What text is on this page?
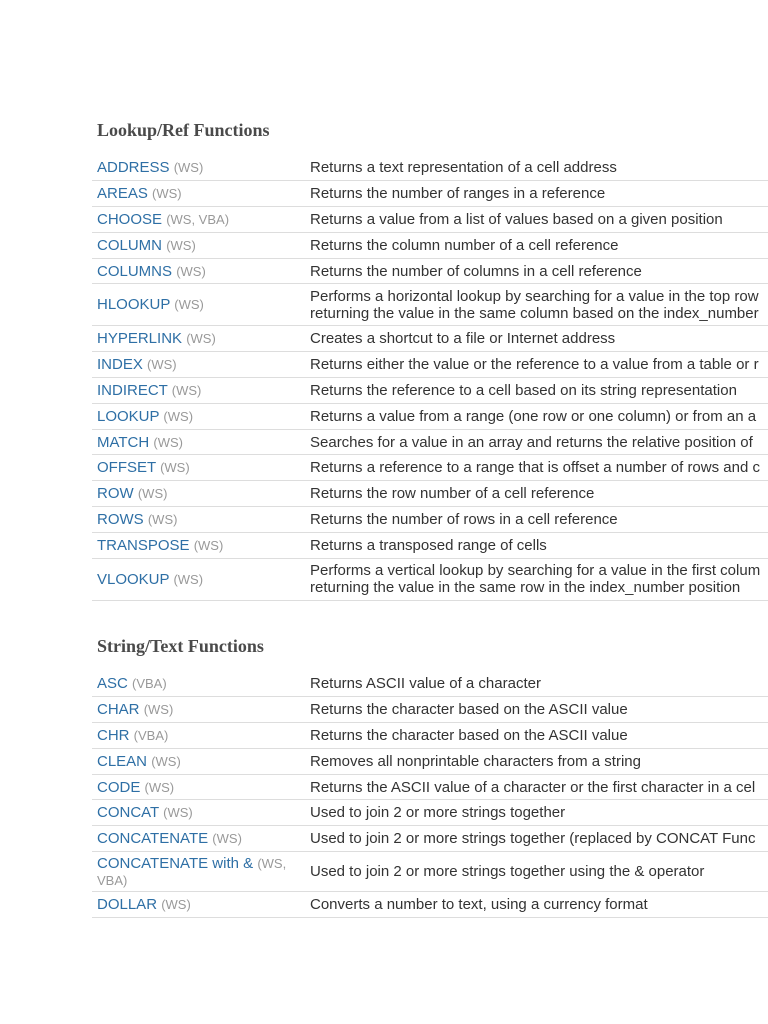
Lookup/Ref Functions
ADDRESS (WS)	Returns a text representation of a cell address
AREAS (WS)	Returns the number of ranges in a reference
CHOOSE (WS, VBA)	Returns a value from a list of values based on a given position
COLUMN (WS)	Returns the column number of a cell reference
COLUMNS (WS)	Returns the number of columns in a cell reference
HLOOKUP (WS)	Performs a horizontal lookup by searching for a value in the top row
returning the value in the same column based on the index_number
HYPERLINK (WS)	Creates a shortcut to a file or Internet address
INDEX (WS)	Returns either the value or the reference to a value from a table or r
INDIRECT (WS)	Returns the reference to a cell based on its string representation
LOOKUP (WS)	Returns a value from a range (one row or one column) or from an a
MATCH (WS)	Searches for a value in an array and returns the relative position of
OFFSET (WS)	Returns a reference to a range that is offset a number of rows and c
ROW (WS)	Returns the row number of a cell reference
ROWS (WS)	Returns the number of rows in a cell reference
TRANSPOSE (WS)	Returns a transposed range of cells
VLOOKUP (WS)	Performs a vertical lookup by searching for a value in the first colum
returning the value in the same row in the index_number position
String/Text Functions
ASC (VBA)	Returns ASCII value of a character
CHAR (WS)	Returns the character based on the ASCII value
CHR (VBA)	Returns the character based on the ASCII value
CLEAN (WS)	Removes all nonprintable characters from a string
CODE (WS)	Returns the ASCII value of a character or the first character in a cel
CONCAT (WS)	Used to join 2 or more strings together
CONCATENATE (WS)	Used to join 2 or more strings together (replaced by CONCAT Func
CONCATENATE with & (WS,
VBA)	Used to join 2 or more strings together using the & operator
DOLLAR (WS)	Converts a number to text, using a currency format
